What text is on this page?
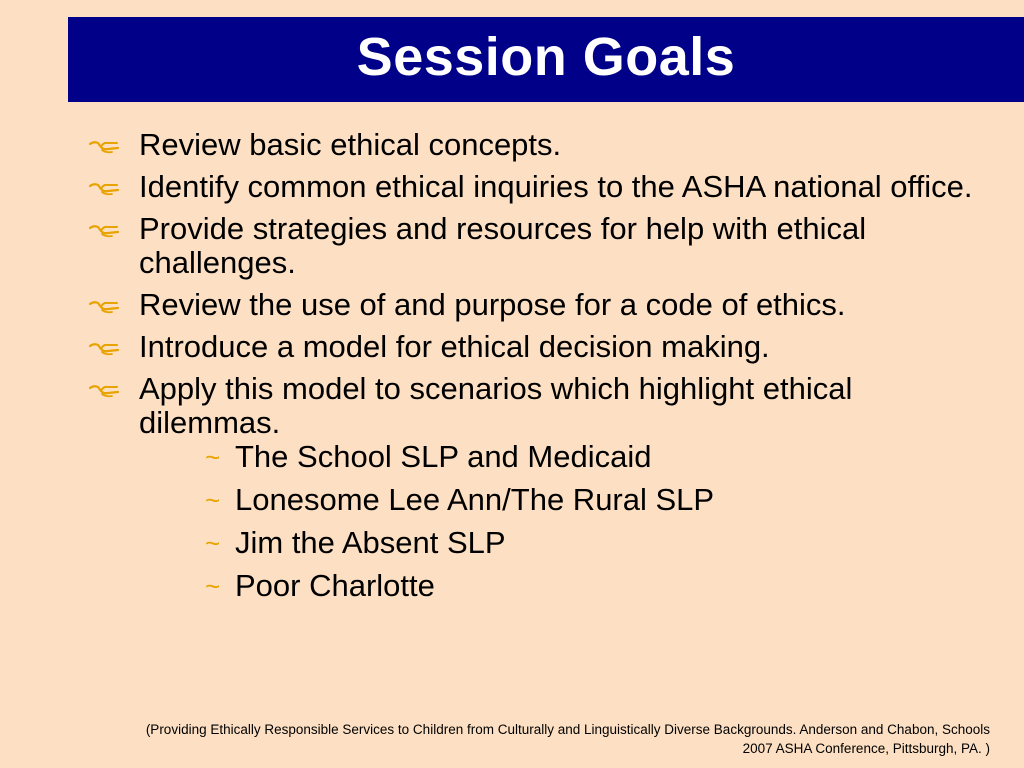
Session Goals
Review basic ethical concepts.
Identify common ethical inquiries to the ASHA national office.
Provide strategies and resources for help with ethical challenges.
Review the use of and purpose for a code of ethics.
Introduce a model for ethical decision making.
Apply this model to scenarios which highlight ethical dilemmas.
~ The School SLP and Medicaid
~ Lonesome Lee Ann/The Rural SLP
~ Jim the Absent SLP
~ Poor Charlotte
(Providing Ethically Responsible Services to Children from Culturally and Linguistically Diverse Backgrounds. Anderson and Chabon, Schools
2007 ASHA Conference, Pittsburgh, PA. )
